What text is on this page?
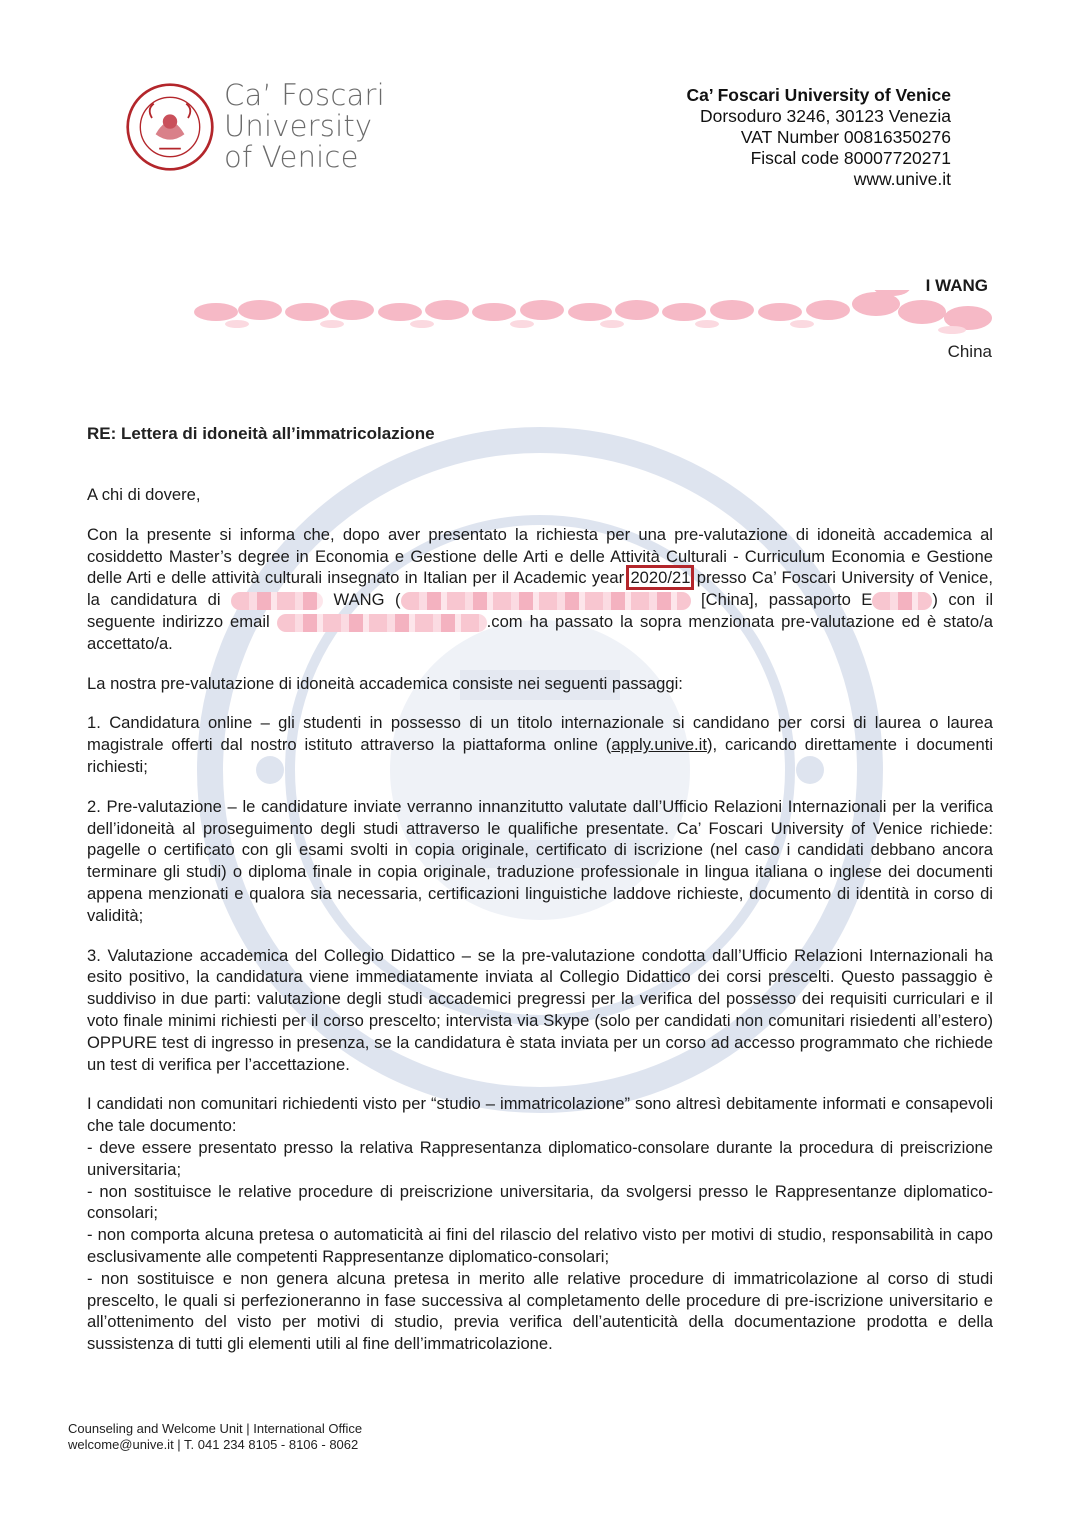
Ca’ Foscari
University
of Venice
Ca’ Foscari University of Venice
Dorsoduro 3246, 30123 Venezia
VAT Number 00816350276
Fiscal code 80007720271
www.unive.it
I WANG
China
RE: Lettera di idoneità all’immatricolazione

A chi di dovere,

Con la presente si informa che, dopo aver presentato la richiesta per una pre-valutazione di idoneità accademica al cosiddetto Master’s degree in Economia e Gestione delle Arti e delle Attività Culturali - Curriculum Economia e Gestione delle Arti e delle attività culturali insegnato in Italian per il Academic year 2020/21 presso Ca’ Foscari University of Venice, la candidatura di	WANG (	[China], passaporto E	) con il seguente indirizzo email	.com ha passato la sopra menzionata pre-valutazione ed è stato/a accettato/a.

La nostra pre-valutazione di idoneità accademica consiste nei seguenti passaggi:

1. Candidatura online – gli studenti in possesso di un titolo internazionale si candidano per corsi di laurea o laurea magistrale offerti dal nostro istituto attraverso la piattaforma online (apply.unive.it), caricando direttamente i documenti richiesti;

2. Pre-valutazione – le candidature inviate verranno innanzitutto valutate dall’Ufficio Relazioni Internazionali per la verifica dell’idoneità al proseguimento degli studi attraverso le qualifiche presentate. Ca’ Foscari University of Venice richiede: pagelle o certificato con gli esami svolti in copia originale, certificato di iscrizione (nel caso i candidati debbano ancora terminare gli studi) o diploma finale in copia originale, traduzione professionale in lingua italiana o inglese dei documenti appena menzionati e qualora sia necessaria, certificazioni linguistiche laddove richieste, documento di identità in corso di validità;

3. Valutazione accademica del Collegio Didattico – se la pre-valutazione condotta dall’Ufficio Relazioni Internazionali ha esito positivo, la candidatura viene immediatamente inviata al Collegio Didattico dei corsi prescelti. Questo passaggio è suddiviso in due parti: valutazione degli studi accademici pregressi per la verifica del possesso dei requisiti curriculari e il voto finale minimi richiesti per il corso prescelto; intervista via Skype (solo per candidati non comunitari risiedenti all’estero) OPPURE test di ingresso in presenza, se la candidatura è stata inviata per un corso ad accesso programmato che richiede un test di verifica per l’accettazione.

I candidati non comunitari richiedenti visto per “studio – immatricolazione” sono altresì debitamente informati e consapevoli che tale documento:

- deve essere presentato presso la relativa Rappresentanza diplomatico-consolare durante la procedura di preiscrizione universitaria;

- non sostituisce le relative procedure di preiscrizione universitaria, da svolgersi presso le Rappresentanze diplomatico-consolari;

- non comporta alcuna pretesa o automaticità ai fini del rilascio del relativo visto per motivi di studio, responsabilità in capo esclusivamente alle competenti Rappresentanze diplomatico-consolari;

- non sostituisce e non genera alcuna pretesa in merito alle relative procedure di immatricolazione al corso di studi prescelto, le quali si perfezioneranno in fase successiva al completamento delle procedure di pre-iscrizione universitario e all’ottenimento del visto per motivi di studio, previa verifica dell’autenticità della documentazione prodotta e della sussistenza di tutti gli elementi utili al fine dell’immatricolazione.

Counseling and Welcome Unit | International Office
welcome@unive.it | T. 041 234 8105 - 8106 - 8062
